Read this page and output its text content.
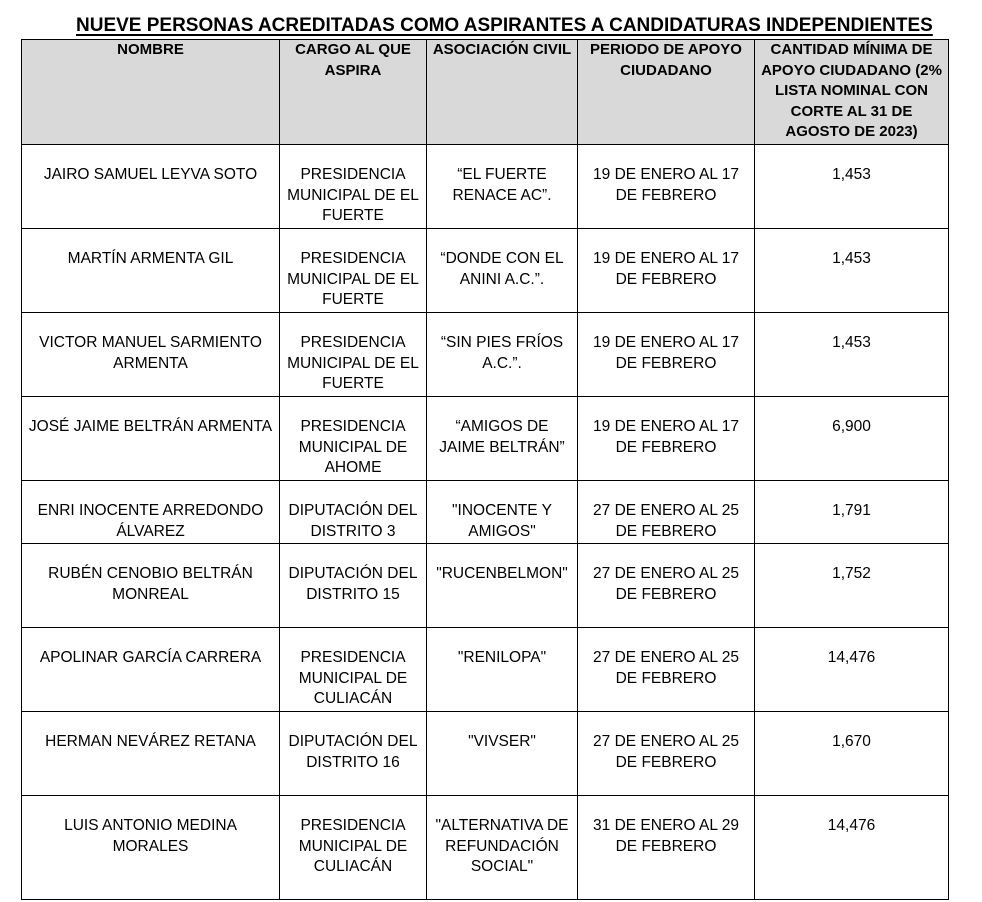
NUEVE PERSONAS ACREDITADAS COMO ASPIRANTES A CANDIDATURAS INDEPENDIENTES
NOMBRE	CARGO AL QUE ASPIRA	ASOCIACIÓN CIVIL	PERIODO DE APOYO CIUDADANO	CANTIDAD MÍNIMA DE APOYO CIUDADANO (2% LISTA NOMINAL CON CORTE AL 31 DE AGOSTO DE 2023)
JAIRO SAMUEL LEYVA SOTO	PRESIDENCIA MUNICIPAL DE EL FUERTE	“EL FUERTE RENACE AC”.	19 DE ENERO AL 17 DE FEBRERO	1,453
MARTÍN ARMENTA GIL	PRESIDENCIA MUNICIPAL DE EL FUERTE	“DONDE CON EL ANINI A.C.”.	19 DE ENERO AL 17 DE FEBRERO	1,453
VICTOR MANUEL SARMIENTO ARMENTA	PRESIDENCIA MUNICIPAL DE EL FUERTE	“SIN PIES FRÍOS A.C.”.	19 DE ENERO AL 17 DE FEBRERO	1,453
JOSÉ JAIME BELTRÁN ARMENTA	PRESIDENCIA MUNICIPAL DE AHOME	“AMIGOS DE JAIME BELTRÁN”	19 DE ENERO AL 17 DE FEBRERO	6,900
ENRI INOCENTE ARREDONDO ÁLVAREZ	DIPUTACIÓN DEL DISTRITO 3	"INOCENTE Y AMIGOS"	27 DE ENERO AL 25 DE FEBRERO	1,791
RUBÉN CENOBIO BELTRÁN MONREAL	DIPUTACIÓN DEL DISTRITO 15	"RUCENBELMON"	27 DE ENERO AL 25 DE FEBRERO	1,752
APOLINAR GARCÍA CARRERA	PRESIDENCIA MUNICIPAL DE CULIACÁN	"RENILOPA"	27 DE ENERO AL 25 DE FEBRERO	14,476
HERMAN NEVÁREZ RETANA	DIPUTACIÓN DEL DISTRITO 16	"VIVSER"	27 DE ENERO AL 25 DE FEBRERO	1,670
LUIS ANTONIO MEDINA MORALES	PRESIDENCIA MUNICIPAL DE CULIACÁN	"ALTERNATIVA DE REFUNDACIÓN SOCIAL"	31 DE ENERO AL 29 DE FEBRERO	14,476
